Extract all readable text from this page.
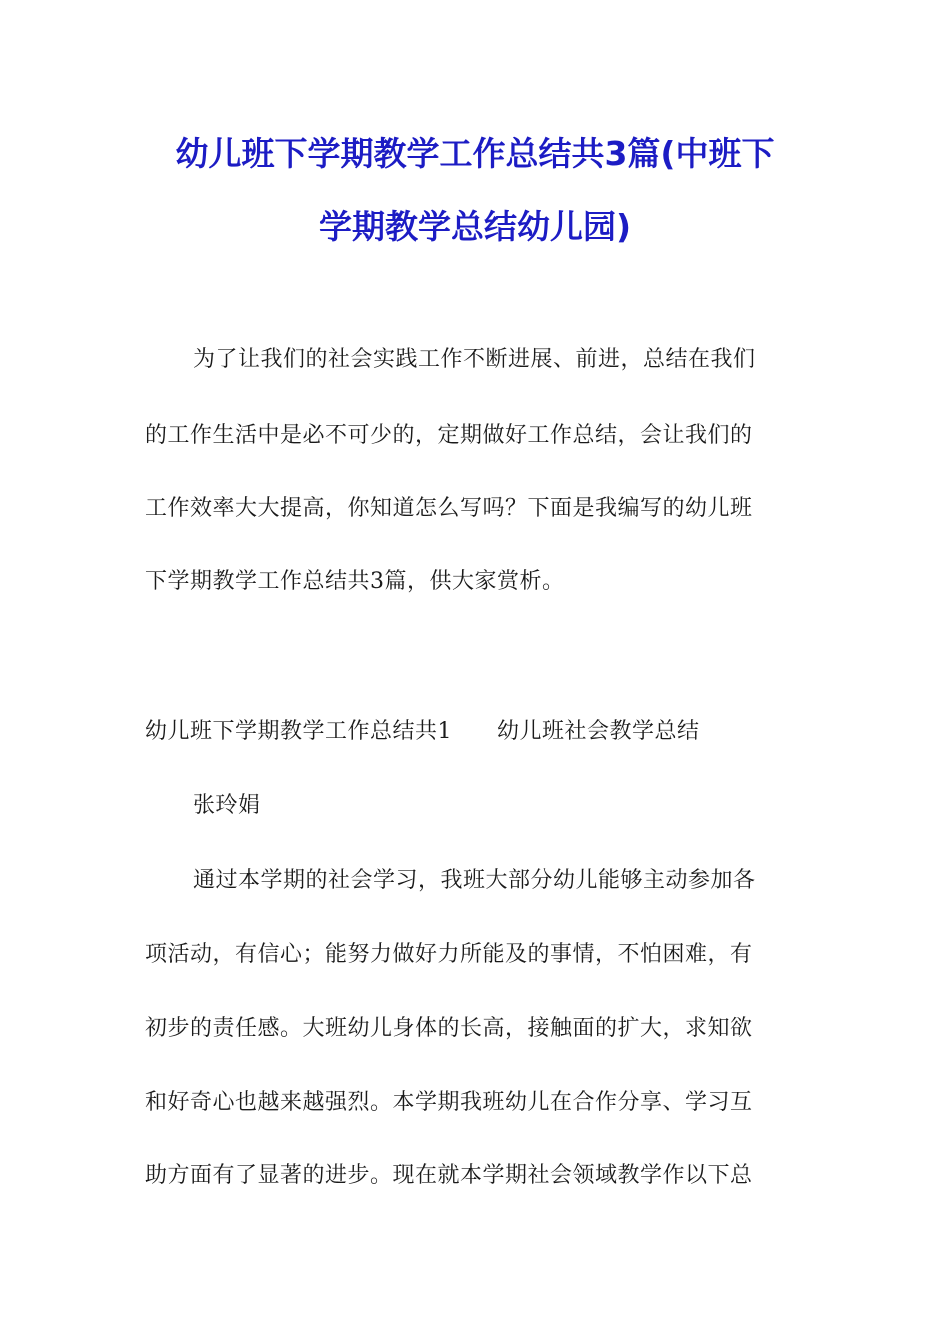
幼儿班下学期教学工作总结共3篇(中班下
学期教学总结幼儿园)
为了让我们的社会实践工作不断进展、前进，总结在我们
的工作生活中是必不可少的，定期做好工作总结，会让我们的
工作效率大大提高，你知道怎么写吗？下面是我编写的幼儿班
下学期教学工作总结共3篇，供大家赏析。
幼儿班下学期教学工作总结共1　　幼儿班社会教学总结
张玲娟
通过本学期的社会学习，我班大部分幼儿能够主动参加各
项活动，有信心；能努力做好力所能及的事情，不怕困难，有
初步的责任感。大班幼儿身体的长高，接触面的扩大，求知欲
和好奇心也越来越强烈。本学期我班幼儿在合作分享、学习互
助方面有了显著的进步。现在就本学期社会领域教学作以下总
